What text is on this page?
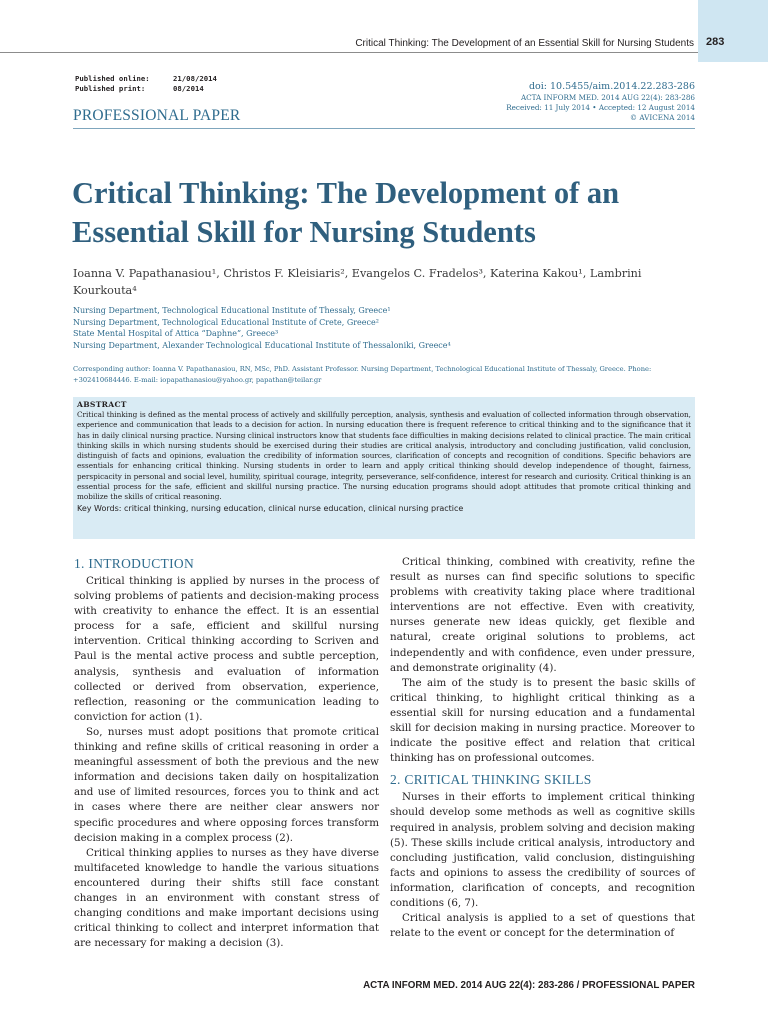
283
Critical Thinking: The Development of an Essential Skill for Nursing Students
Published online:	21/08/2014
Published print:	08/2014	doi: 10.5455/aim.2014.22.283-286
ACTA INFORM MED. 2014 AUG 22(4): 283-286
Received: 11 July 2014 • Accepted: 12 August 2014
© AVICENA 2014
PROFESSIONAL PAPER
Critical Thinking: The Development of an Essential Skill for Nursing Students
Ioanna V. Papathanasiou¹, Christos F. Kleisiaris², Evangelos C. Fradelos³, Katerina Kakou¹, Lambrini Kourkouta⁴
Nursing Department, Technological Educational Institute of Thessaly, Greece¹
Nursing Department, Technological Educational Institute of Crete, Greece²
State Mental Hospital of Attica “Daphne”, Greece³
Nursing Department, Alexander Technological Educational Institute of Thessaloniki, Greece⁴
Corresponding author: Ioanna V. Papathanasiou, RN, MSc, PhD. Assistant Professor. Nursing Department, Technological Educational Institute of Thessaly, Greece. Phone: +302410684446. E-mail: iopapathanasiou@yahoo.gr, papathan@teilar.gr
ABSTRACT
Critical thinking is defined as the mental process of actively and skillfully perception, analysis, synthesis and evaluation of collected information through observation, experience and communication that leads to a decision for action. In nursing education there is frequent reference to critical thinking and to the significance that it has in daily clinical nursing practice. Nursing clinical instructors know that students face difficulties in making decisions related to clinical practice. The main critical thinking skills in which nursing students should be exercised during their studies are critical analysis, introductory and concluding justification, valid conclusion, distinguish of facts and opinions, evaluation the credibility of information sources, clarification of concepts and recognition of conditions. Specific behaviors are essentials for enhancing critical thinking. Nursing students in order to learn and apply critical thinking should develop independence of thought, fairness, perspicacity in personal and social level, humility, spiritual courage, integrity, perseverance, self-confidence, interest for research and curiosity. Critical thinking is an essential process for the safe, efficient and skillful nursing practice. The nursing education programs should adopt attitudes that promote critical thinking and mobilize the skills of critical reasoning.
Key Words: critical thinking, nursing education, clinical nurse education, clinical nursing practice
1. INTRODUCTION

Critical thinking is applied by nurses in the process of solving problems of patients and decision-making process with creativity to enhance the effect. It is an essential process for a safe, efficient and skillful nursing intervention. Critical thinking according to Scriven and Paul is the mental active process and subtle perception, analysis, synthesis and evaluation of information collected or derived from observation, experience, reflection, reasoning or the communication leading to conviction for action (1).

So, nurses must adopt positions that promote critical thinking and refine skills of critical reasoning in order a meaningful assessment of both the previous and the new information and decisions taken daily on hospitalization and use of limited resources, forces you to think and act in cases where there are neither clear answers nor specific procedures and where opposing forces transform decision making in a complex process (2).

Critical thinking applies to nurses as they have diverse multifaceted knowledge to handle the various situations encountered during their shifts still face constant changes in an environment with constant stress of changing conditions and make important decisions using critical thinking to collect and interpret information that are necessary for making a decision (3).

Critical thinking, combined with creativity, refine the result as nurses can find specific solutions to specific problems with creativity taking place where traditional interventions are not effective. Even with creativity, nurses generate new ideas quickly, get flexible and natural, create original solutions to problems, act independently and with confidence, even under pressure, and demonstrate originality (4).

The aim of the study is to present the basic skills of critical thinking, to highlight critical thinking as a essential skill for nursing education and a fundamental skill for decision making in nursing practice. Moreover to indicate the positive effect and relation that critical thinking has on professional outcomes.

2. CRITICAL THINKING SKILLS

Nurses in their efforts to implement critical thinking should develop some methods as well as cognitive skills required in analysis, problem solving and decision making (5). These skills include critical analysis, introductory and concluding justification, valid conclusion, distinguishing facts and opinions to assess the credibility of sources of information, clarification of concepts, and recognition conditions (6, 7).

Critical analysis is applied to a set of questions that relate to the event or concept for the determination of

ACTA INFORM MED. 2014 AUG 22(4): 283-286 / PROFESSIONAL PAPER
